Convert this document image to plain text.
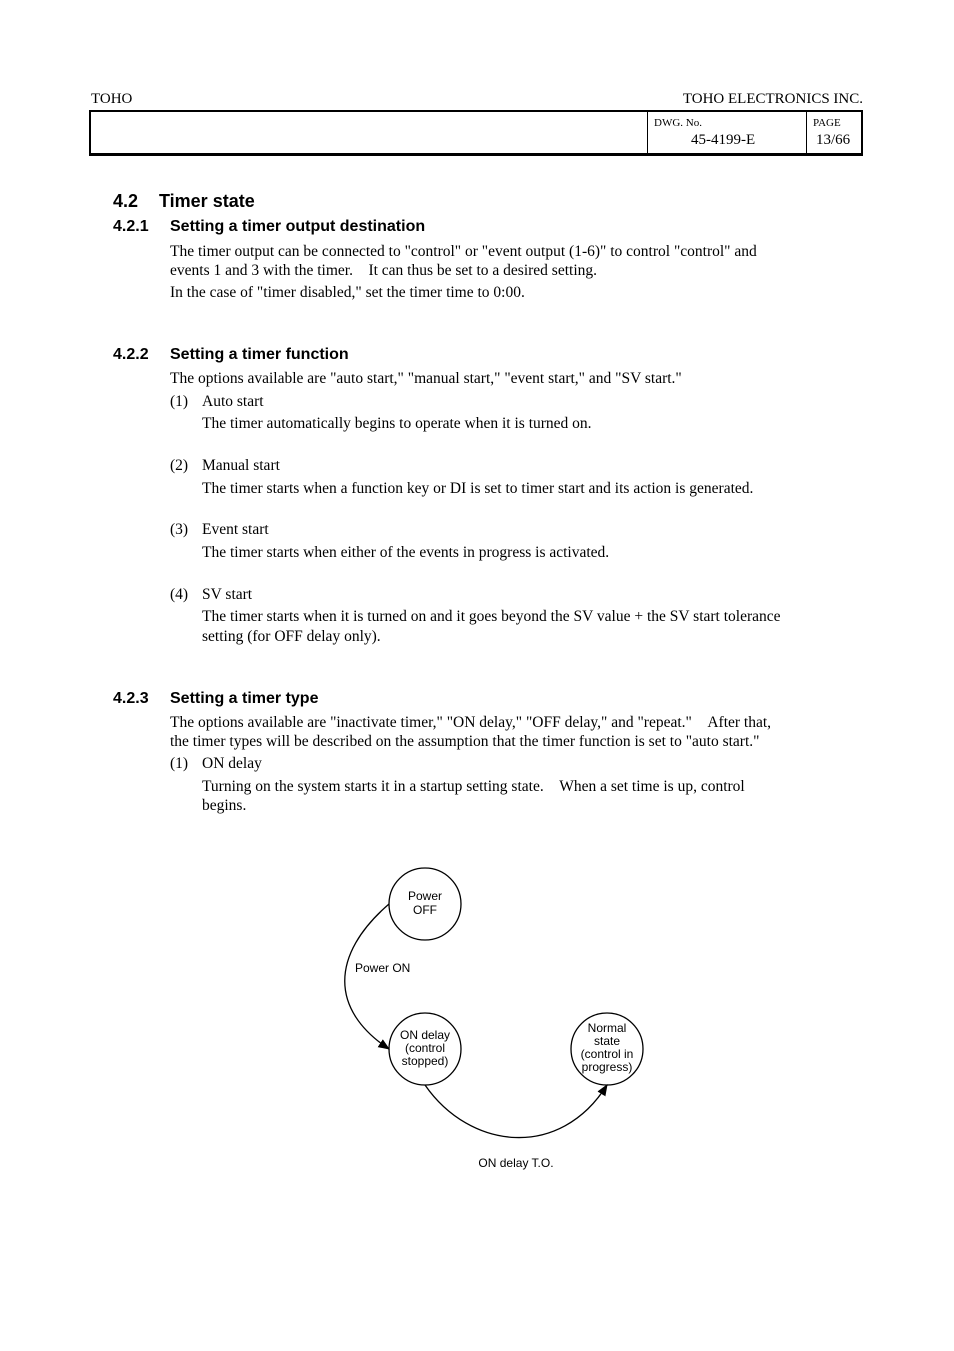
TOHO	TOHO ELECTRONICS INC.
DWG. No.
45-4199-E
PAGE
13/66
4.2 Timer state
4.2.1 Setting a timer output destination
The timer output can be connected to "control" or "event output (1-6)" to control "control" and
events 1 and 3 with the timer.    It can thus be set to a desired setting.
In the case of "timer disabled," set the timer time to 0:00.
4.2.2 Setting a timer function
The options available are "auto start," "manual start," "event start," and "SV start."
(1) Auto start
The timer automatically begins to operate when it is turned on.
(2) Manual start
The timer starts when a function key or DI is set to timer start and its action is generated.
(3) Event start
The timer starts when either of the events in progress is activated.
(4) SV start
The timer starts when it is turned on and it goes beyond the SV value + the SV start tolerance
setting (for OFF delay only).
4.2.3 Setting a timer type
The options available are "inactivate timer," "ON delay," "OFF delay," and "repeat."    After that,
the timer types will be described on the assumption that the timer function is set to "auto start."
(1) ON delay
Turning on the system starts it in a startup setting state.    When a set time is up, control
begins.
Power
OFF
ON delay
(control
stopped)
Normal
state
(control in
progress)
Power ON
ON delay T.O.
